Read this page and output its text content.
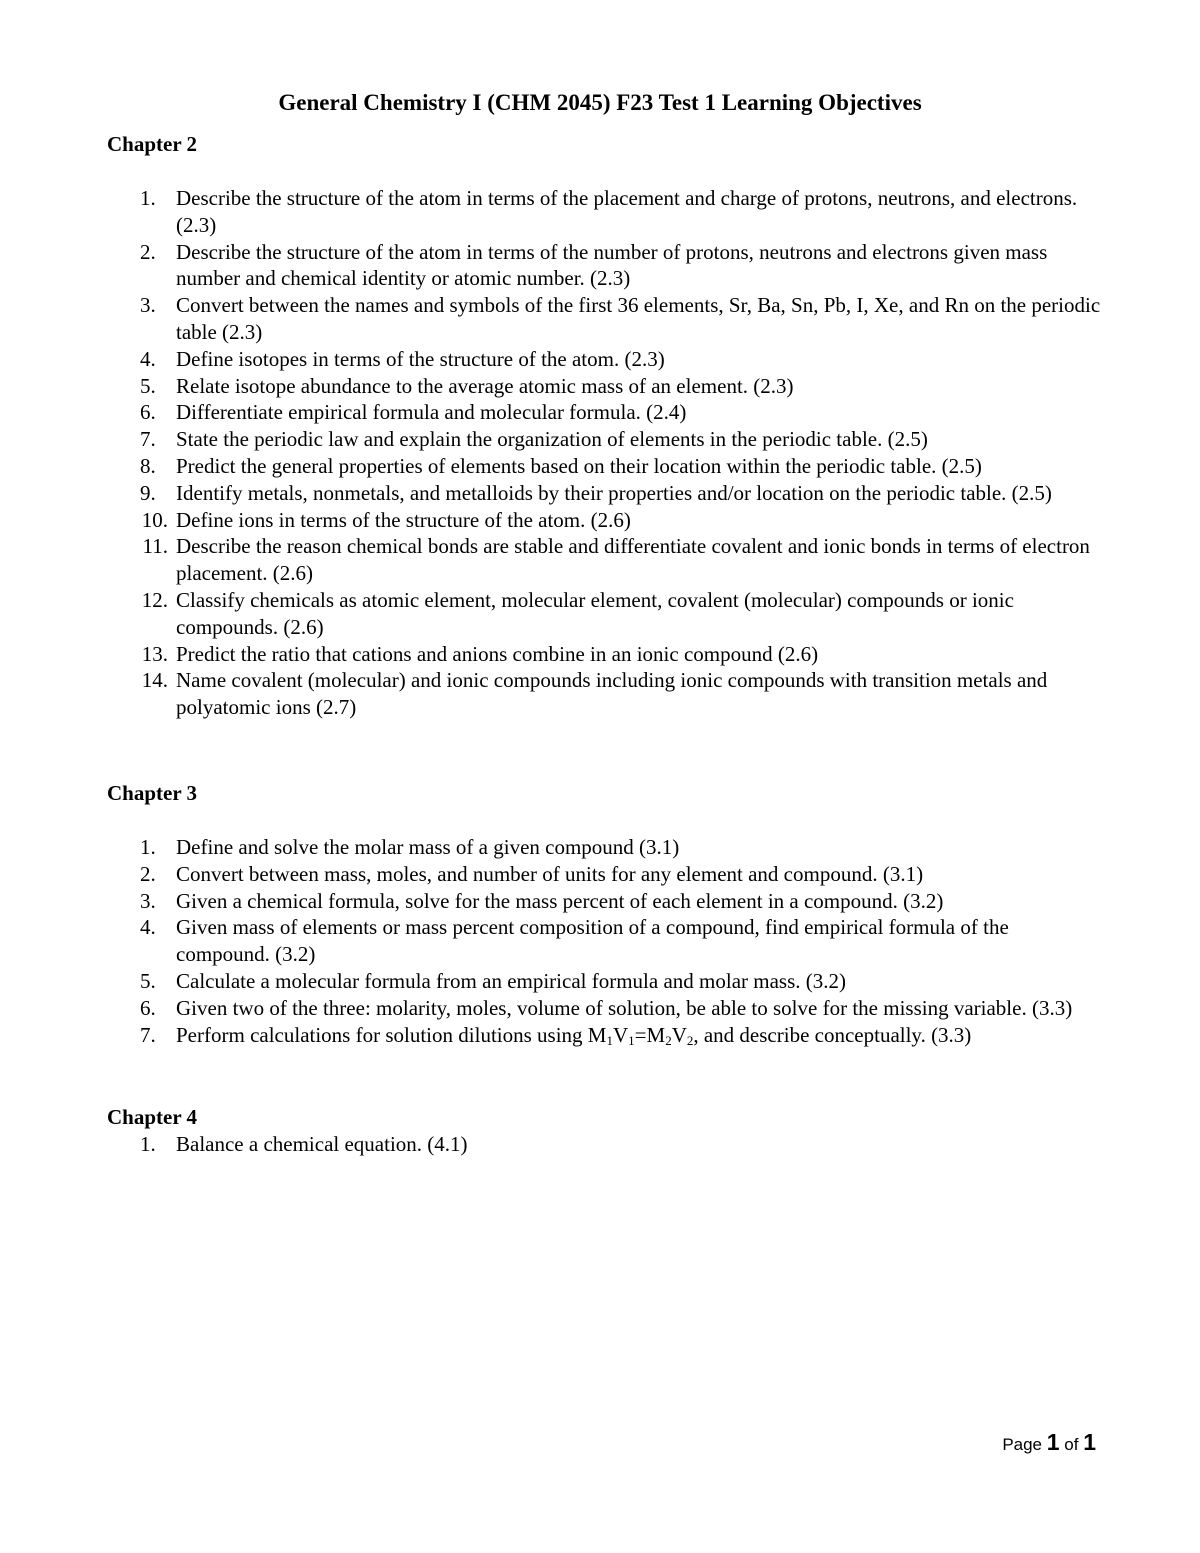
General Chemistry I (CHM 2045) F23 Test 1 Learning Objectives
Chapter 2
1. Describe the structure of the atom in terms of the placement and charge of protons, neutrons, and electrons. (2.3)
2. Describe the structure of the atom in terms of the number of protons, neutrons and electrons given mass number and chemical identity or atomic number. (2.3)
3. Convert between the names and symbols of the first 36 elements, Sr, Ba, Sn, Pb, I, Xe, and Rn on the periodic table (2.3)
4. Define isotopes in terms of the structure of the atom. (2.3)
5. Relate isotope abundance to the average atomic mass of an element. (2.3)
6. Differentiate empirical formula and molecular formula. (2.4)
7. State the periodic law and explain the organization of elements in the periodic table. (2.5)
8. Predict the general properties of elements based on their location within the periodic table. (2.5)
9. Identify metals, nonmetals, and metalloids by their properties and/or location on the periodic table. (2.5)
10. Define ions in terms of the structure of the atom. (2.6)
11. Describe the reason chemical bonds are stable and differentiate covalent and ionic bonds in terms of electron placement. (2.6)
12. Classify chemicals as atomic element, molecular element, covalent (molecular) compounds or ionic compounds. (2.6)
13. Predict the ratio that cations and anions combine in an ionic compound (2.6)
14. Name covalent (molecular) and ionic compounds including ionic compounds with transition metals and polyatomic ions (2.7)
Chapter 3
1. Define and solve the molar mass of a given compound (3.1)
2. Convert between mass, moles, and number of units for any element and compound. (3.1)
3. Given a chemical formula, solve for the mass percent of each element in a compound. (3.2)
4. Given mass of elements or mass percent composition of a compound, find empirical formula of the compound. (3.2)
5. Calculate a molecular formula from an empirical formula and molar mass. (3.2)
6. Given two of the three: molarity, moles, volume of solution, be able to solve for the missing variable. (3.3)
7. Perform calculations for solution dilutions using $M_1V_1=M_2V_2$, and describe conceptually. (3.3)
Chapter 4
1. Balance a chemical equation. (4.1)
Page 1 of 1
